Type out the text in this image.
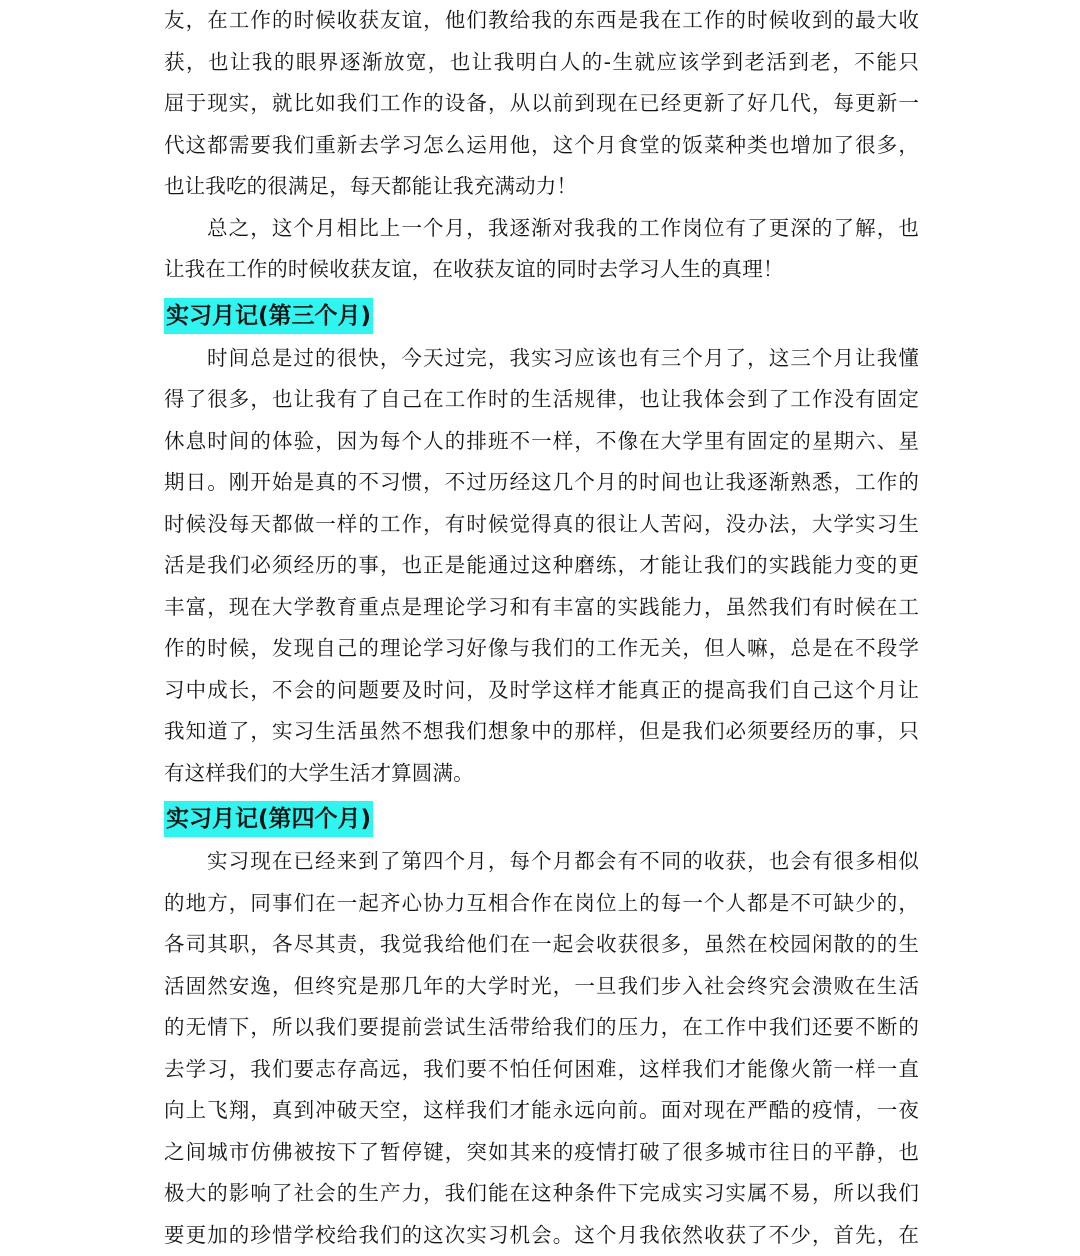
友，在工作的时候收获友谊，他们教给我的东西是我在工作的时候收到的最大收
获，也让我的眼界逐渐放宽，也让我明白人的-生就应该学到老活到老，不能只
屈于现实，就比如我们工作的设备，从以前到现在已经更新了好几代，每更新一
代这都需要我们重新去学习怎么运用他，这个月食堂的饭菜种类也增加了很多，
也让我吃的很满足，每天都能让我充满动力！
总之，这个月相比上一个月，我逐渐对我我的工作岗位有了更深的了解，也
让我在工作的时候收获友谊，在收获友谊的同时去学习人生的真理！
实习月记(第三个月)
时间总是过的很快，今天过完，我实习应该也有三个月了，这三个月让我懂
得了很多，也让我有了自己在工作时的生活规律，也让我体会到了工作没有固定
休息时间的体验，因为每个人的排班不一样，不像在大学里有固定的星期六、星
期日。刚开始是真的不习惯，不过历经这几个月的时间也让我逐渐熟悉，工作的
时候没每天都做一样的工作，有时候觉得真的很让人苦闷，没办法，大学实习生
活是我们必须经历的事，也正是能通过这种磨练，才能让我们的实践能力变的更
丰富，现在大学教育重点是理论学习和有丰富的实践能力，虽然我们有时候在工
作的时候，发现自己的理论学习好像与我们的工作无关，但人嘛，总是在不段学
习中成长，不会的问题要及时问，及时学这样才能真正的提高我们自己这个月让
我知道了，实习生活虽然不想我们想象中的那样，但是我们必须要经历的事，只
有这样我们的大学生活才算圆满。
实习月记(第四个月)
实习现在已经来到了第四个月，每个月都会有不同的收获，也会有很多相似
的地方，同事们在一起齐心协力互相合作在岗位上的每一个人都是不可缺少的，
各司其职，各尽其责，我觉我给他们在一起会收获很多，虽然在校园闲散的的生
活固然安逸，但终究是那几年的大学时光，一旦我们步入社会终究会溃败在生活
的无情下，所以我们要提前尝试生活带给我们的压力，在工作中我们还要不断的
去学习，我们要志存高远，我们要不怕任何困难，这样我们才能像火箭一样一直
向上飞翔，真到冲破天空，这样我们才能永远向前。面对现在严酷的疫情，一夜
之间城市仿佛被按下了暂停键，突如其来的疫情打破了很多城市往日的平静，也
极大的影响了社会的生产力，我们能在这种条件下完成实习实属不易，所以我们
要更加的珍惜学校给我们的这次实习机会。这个月我依然收获了不少，首先，在
